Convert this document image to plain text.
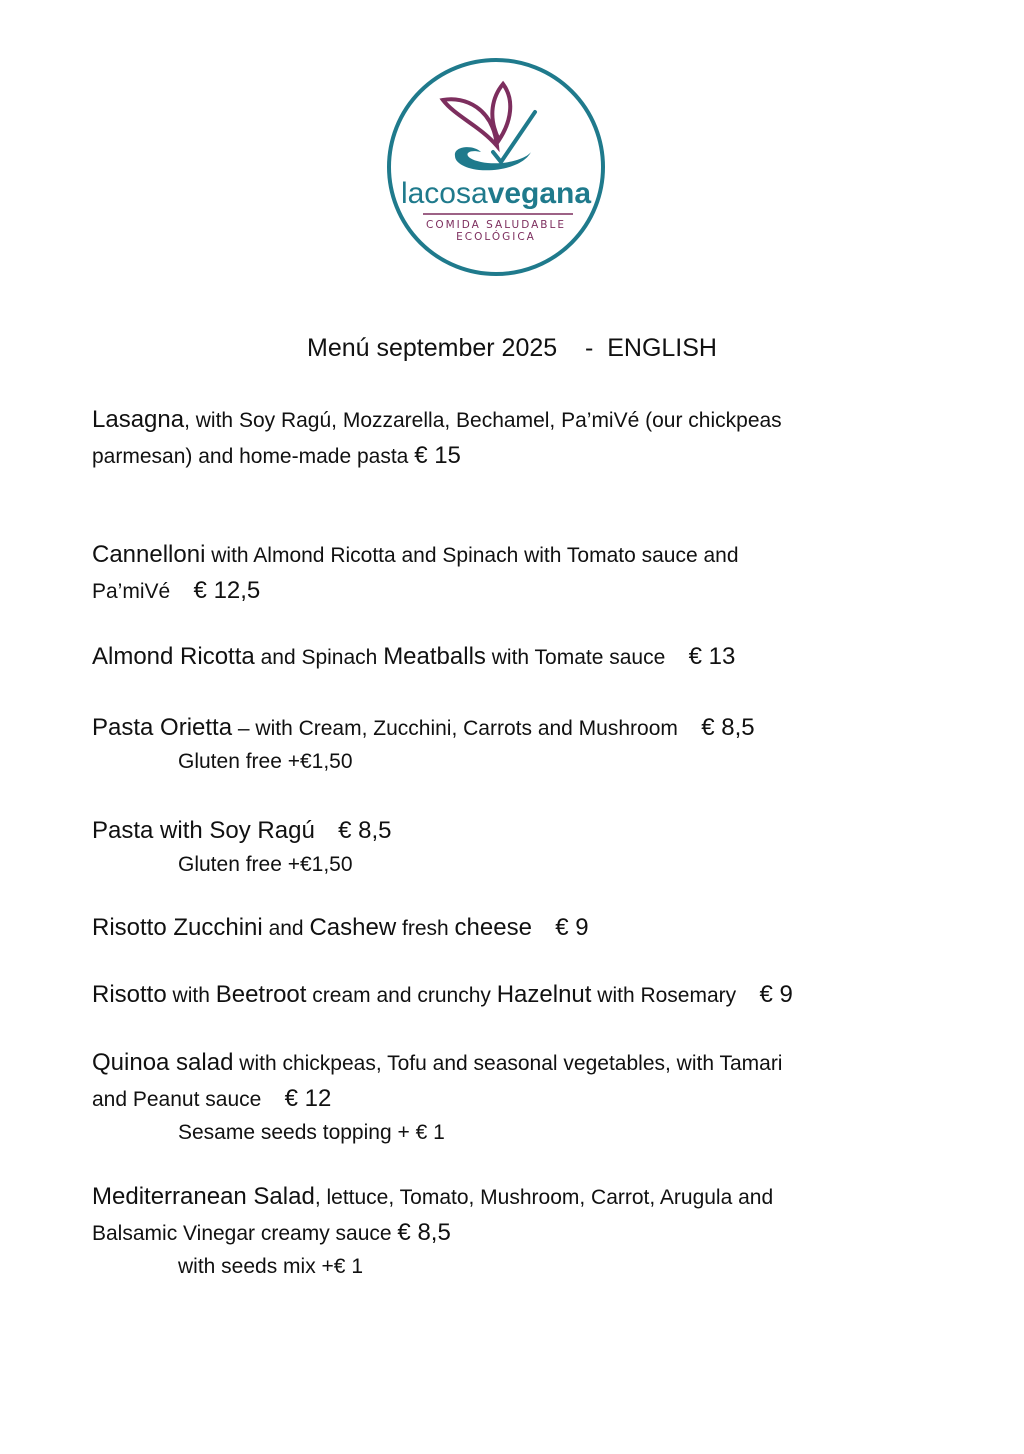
lacosavegana
COMIDA SALUDABLE
ECOLÓGICA
Menú september 2025 - ENGLISH
Lasagna, with Soy Ragú, Mozzarella, Bechamel, Pa’miVé (our chickpeas
parmesan) and home-made pasta € 15
Cannelloni with Almond Ricotta and Spinach with Tomato sauce and
Pa’miVé    € 12,5
Almond Ricotta and Spinach Meatballs with Tomate sauce    € 13
Pasta Orietta – with Cream, Zucchini, Carrots and Mushroom    € 8,5
Gluten free +€1,50
Pasta with Soy Ragú € 8,5
Gluten free +€1,50
Risotto Zucchini and Cashew fresh cheese € 9
Risotto with Beetroot cream and crunchy Hazelnut with Rosemary    € 9
Quinoa salad with chickpeas, Tofu and seasonal vegetables, with Tamari
and Peanut sauce    € 12
Sesame seeds topping + € 1
Mediterranean Salad, lettuce, Tomato, Mushroom, Carrot, Arugula and
Balsamic Vinegar creamy sauce € 8,5
with seeds mix +€ 1
